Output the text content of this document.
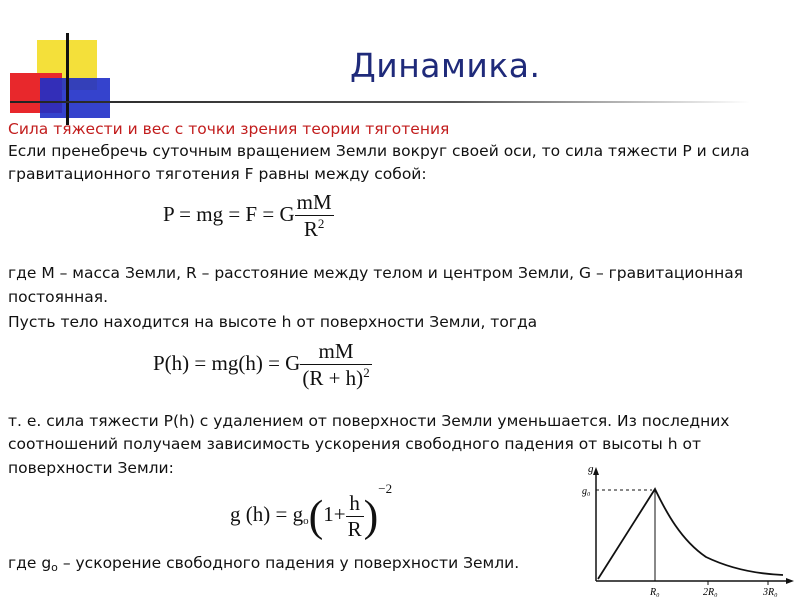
Динамика.
Сила тяжести и вес с точки зрения теории тяготения
Если пренебречь суточным вращением Земли вокруг своей оси, то сила тяжести Р и сила
гравитационного тяготения F равны между собой:
P = mg = F = G $\frac{mM}{R^2}$
где М – масса Земли, R – расстояние между телом и центром Земли, G – гравитационная
постоянная.
Пусть тело находится на высоте h от поверхности Земли, тогда
P(h) = mg(h) = G $\frac{mM}{(R + h)^2}$
т. е. сила тяжести Р(h) с удалением от поверхности Земли уменьшается. Из последних
соотношений получаем зависимость ускорения свободного падения от высоты h от
поверхности Земли:
g $(h) = go(1+ \frac{h}{R} )^{-2}$
где go – ускорение свободного падения у поверхности Земли.
g
g₀
R₀	2R₀	3R₀
